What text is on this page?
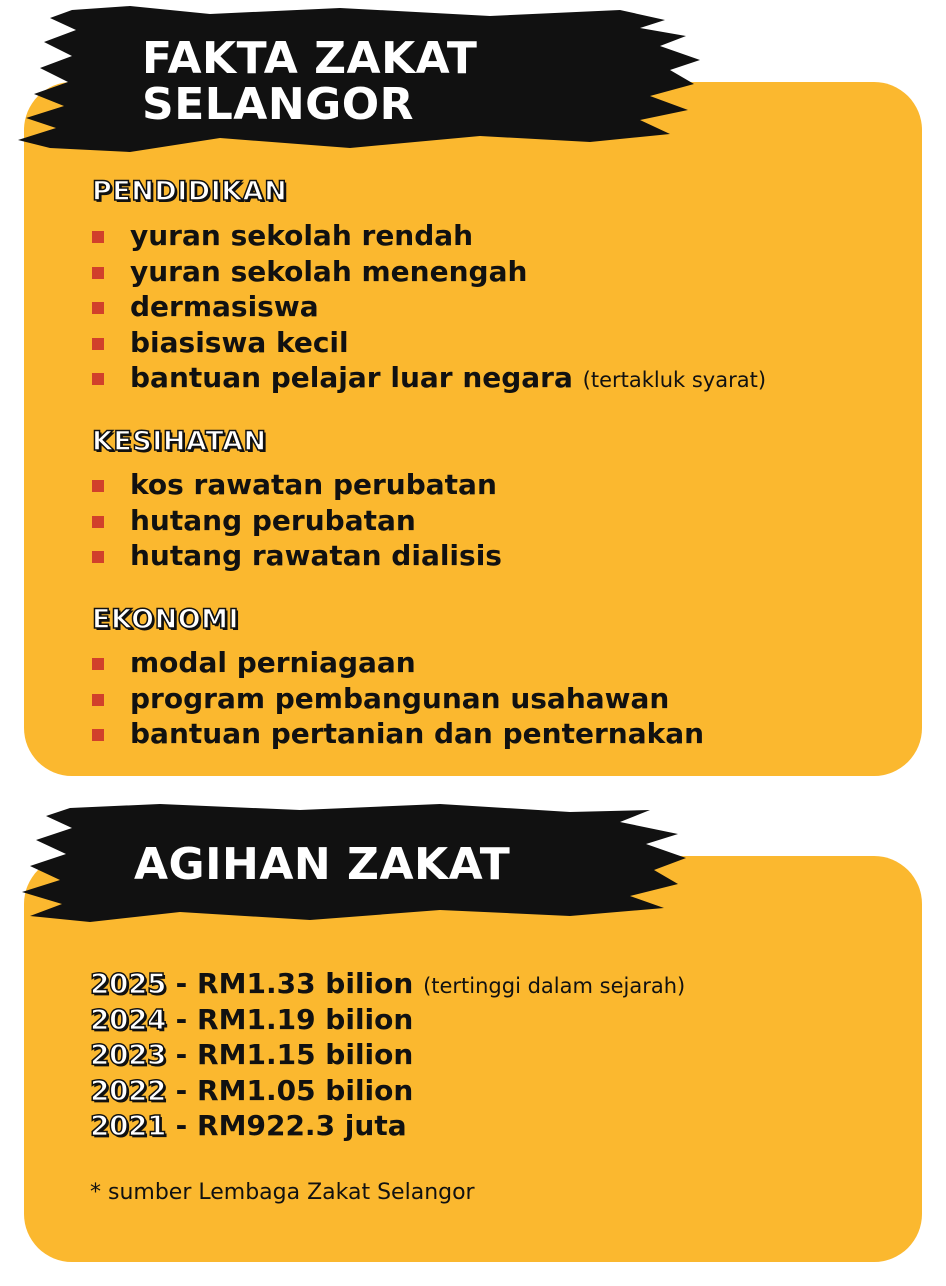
FAKTA ZAKAT
SELANGOR
PENDIDIKAN
yuran sekolah rendah
yuran sekolah menengah
dermasiswa
biasiswa kecil
bantuan pelajar luar negara (tertakluk syarat)
KESIHATAN
kos rawatan perubatan
hutang perubatan
hutang rawatan dialisis
EKONOMI
modal perniagaan
program pembangunan usahawan
bantuan pertanian dan penternakan
AGIHAN ZAKAT
2025 - RM1.33 bilion (tertinggi dalam sejarah)
2024 - RM1.19 bilion
2023 - RM1.15 bilion
2022 - RM1.05 bilion
2021 - RM922.3 juta
* sumber Lembaga Zakat Selangor
